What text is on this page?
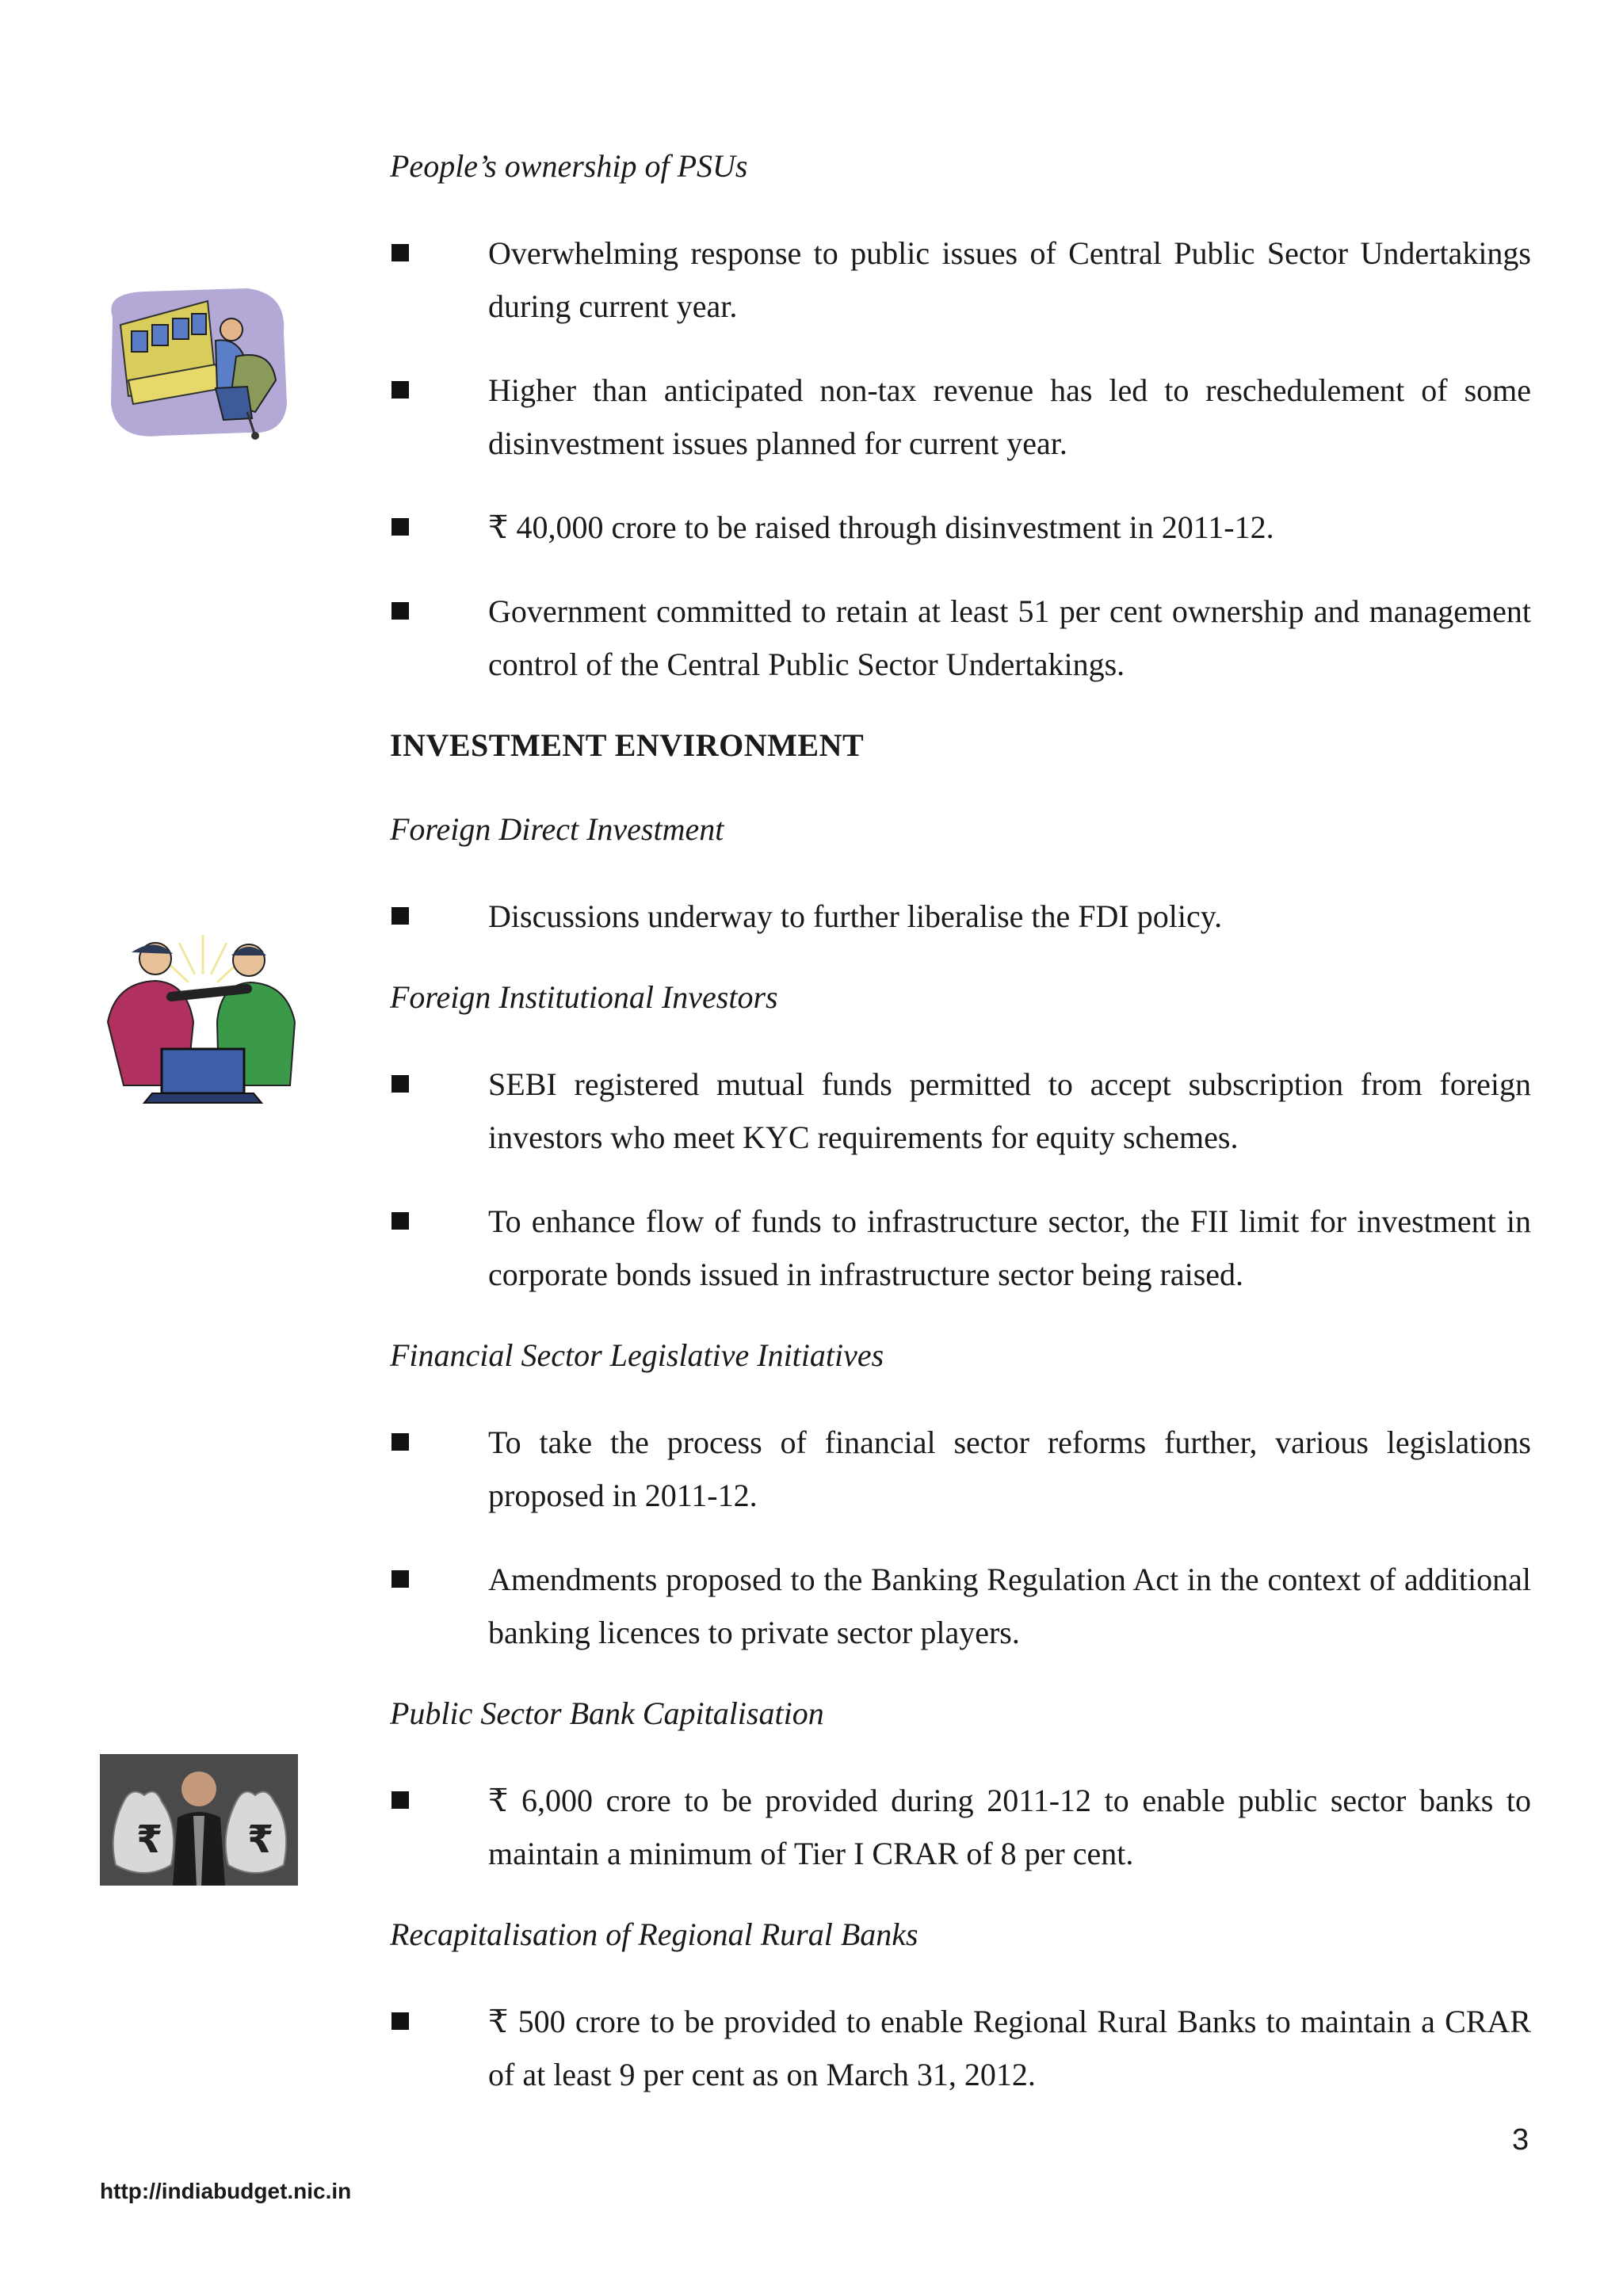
₹ ₹

People’s ownership of PSUs

Overwhelming response to public issues of Central Public Sector Undertakings during current year.
Higher than anticipated non-tax revenue has led to reschedulement of some disinvestment issues planned for current year.
₹ 40,000 crore to be raised through disinvestment in 2011-12.
Government committed to retain at least 51 per cent ownership and management control of the Central Public Sector Undertakings.

INVESTMENT ENVIRONMENT

Foreign Direct Investment

Discussions underway to further liberalise the FDI policy.

Foreign Institutional Investors

SEBI registered mutual funds permitted to accept subscription from foreign investors who meet KYC requirements for equity schemes.
To enhance flow of funds to infrastructure sector, the FII limit for investment in corporate bonds issued in infrastructure sector being raised.

Financial Sector Legislative Initiatives

To take the process of financial sector reforms further, various legislations proposed in 2011-12.
Amendments proposed to the Banking Regulation Act in the context of additional banking licences to private sector players.

Public Sector Bank Capitalisation

₹ 6,000 crore to be provided during 2011-12 to enable public sector banks to maintain a minimum of Tier I CRAR of 8 per cent.

Recapitalisation of Regional Rural Banks

₹ 500 crore to be provided to enable Regional Rural Banks to maintain a CRAR of at least 9 per cent as on March 31, 2012.
3
http://indiabudget.nic.in
